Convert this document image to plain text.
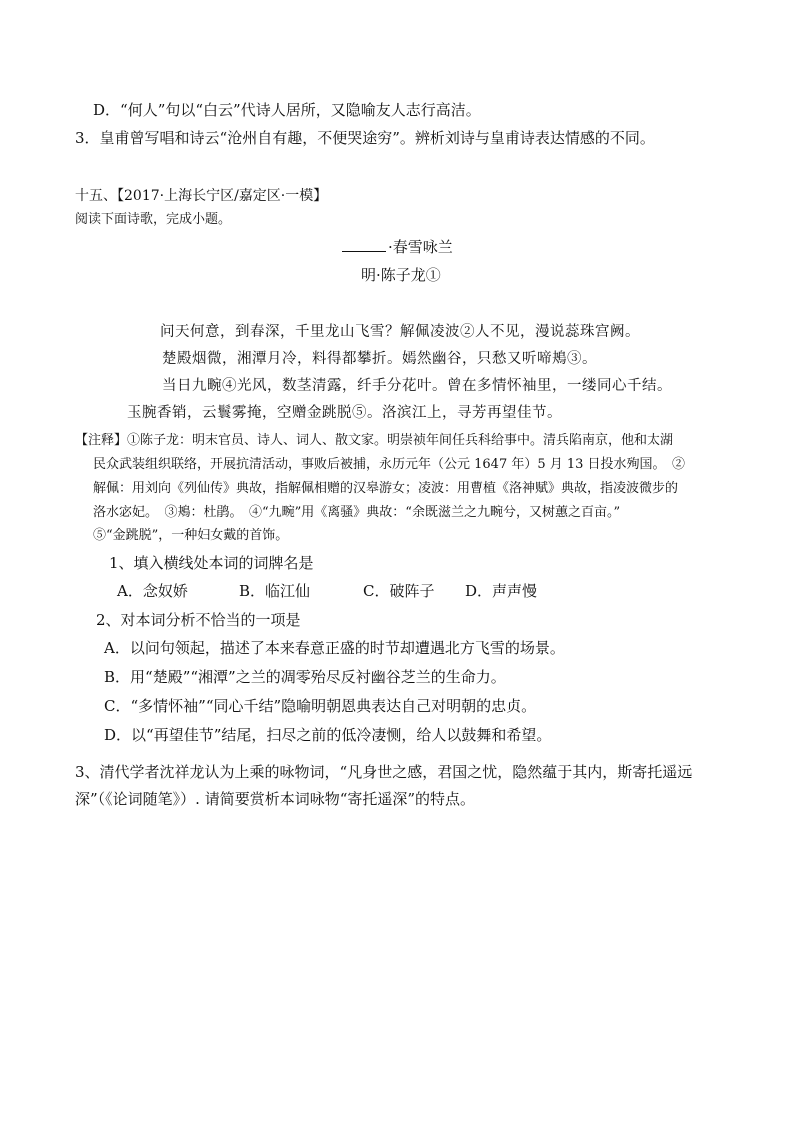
D．“何人”句以“白云”代诗人居所，又隐喻友人志行高洁。
3．皇甫曾写唱和诗云“沧州自有趣，不便哭途穷”。辨析刘诗与皇甫诗表达情感的不同。
十五、【2017·上海长宁区/嘉定区·一模】
阅读下面诗歌，完成小题。
·春雪咏兰
明·陈子龙①
问天何意，到春深，千里龙山飞雪？解佩凌波②人不见，漫说蕊珠宫阙。
楚殿烟微，湘潭月冷，料得都攀折。嫣然幽谷，只愁又听啼鴂③。
当日九畹④光风，数茎清露，纤手分花叶。曾在多情怀袖里，一缕同心千结。
玉腕香销，云鬟雾掩，空赠金跳脱⑤。洛滨江上，寻芳再望佳节。
【注释】①陈子龙：明末官员、诗人、词人、散文家。明崇祯年间任兵科给事中。清兵陷南京，他和太湖
民众武装组织联络，开展抗清活动，事败后被捕，永历元年（公元 1647 年）5 月 13 日投水殉国。　②
解佩：用刘向《列仙传》典故，指解佩相赠的汉皋游女；凌波：用曹植《洛神赋》典故，指凌波微步的
洛水宓妃。　③鴂：杜鹃。　④“九畹”用《离骚》典故：“余既滋兰之九畹兮，又树蕙之百亩。”
⑤“金跳脱”，一种妇女戴的首饰。
1、填入横线处本词的词牌名是
A．念奴娇	B．临江仙	C．破阵子 D．声声慢
2、对本词分析不恰当的一项是
A．以问句领起，描述了本来春意正盛的时节却遭遇北方飞雪的场景。
B．用“楚殿”“湘潭”之兰的凋零殆尽反衬幽谷芝兰的生命力。
C．“多情怀袖”“同心千结”隐喻明朝恩典表达自己对明朝的忠贞。
D．以“再望佳节”结尾，扫尽之前的低冷凄恻，给人以鼓舞和希望。
3、清代学者沈祥龙认为上乘的咏物词，“凡身世之感，君国之忧，隐然蕴于其内，斯寄托遥远
深”（《论词随笔》）. 请简要赏析本词咏物“寄托遥深”的特点。
